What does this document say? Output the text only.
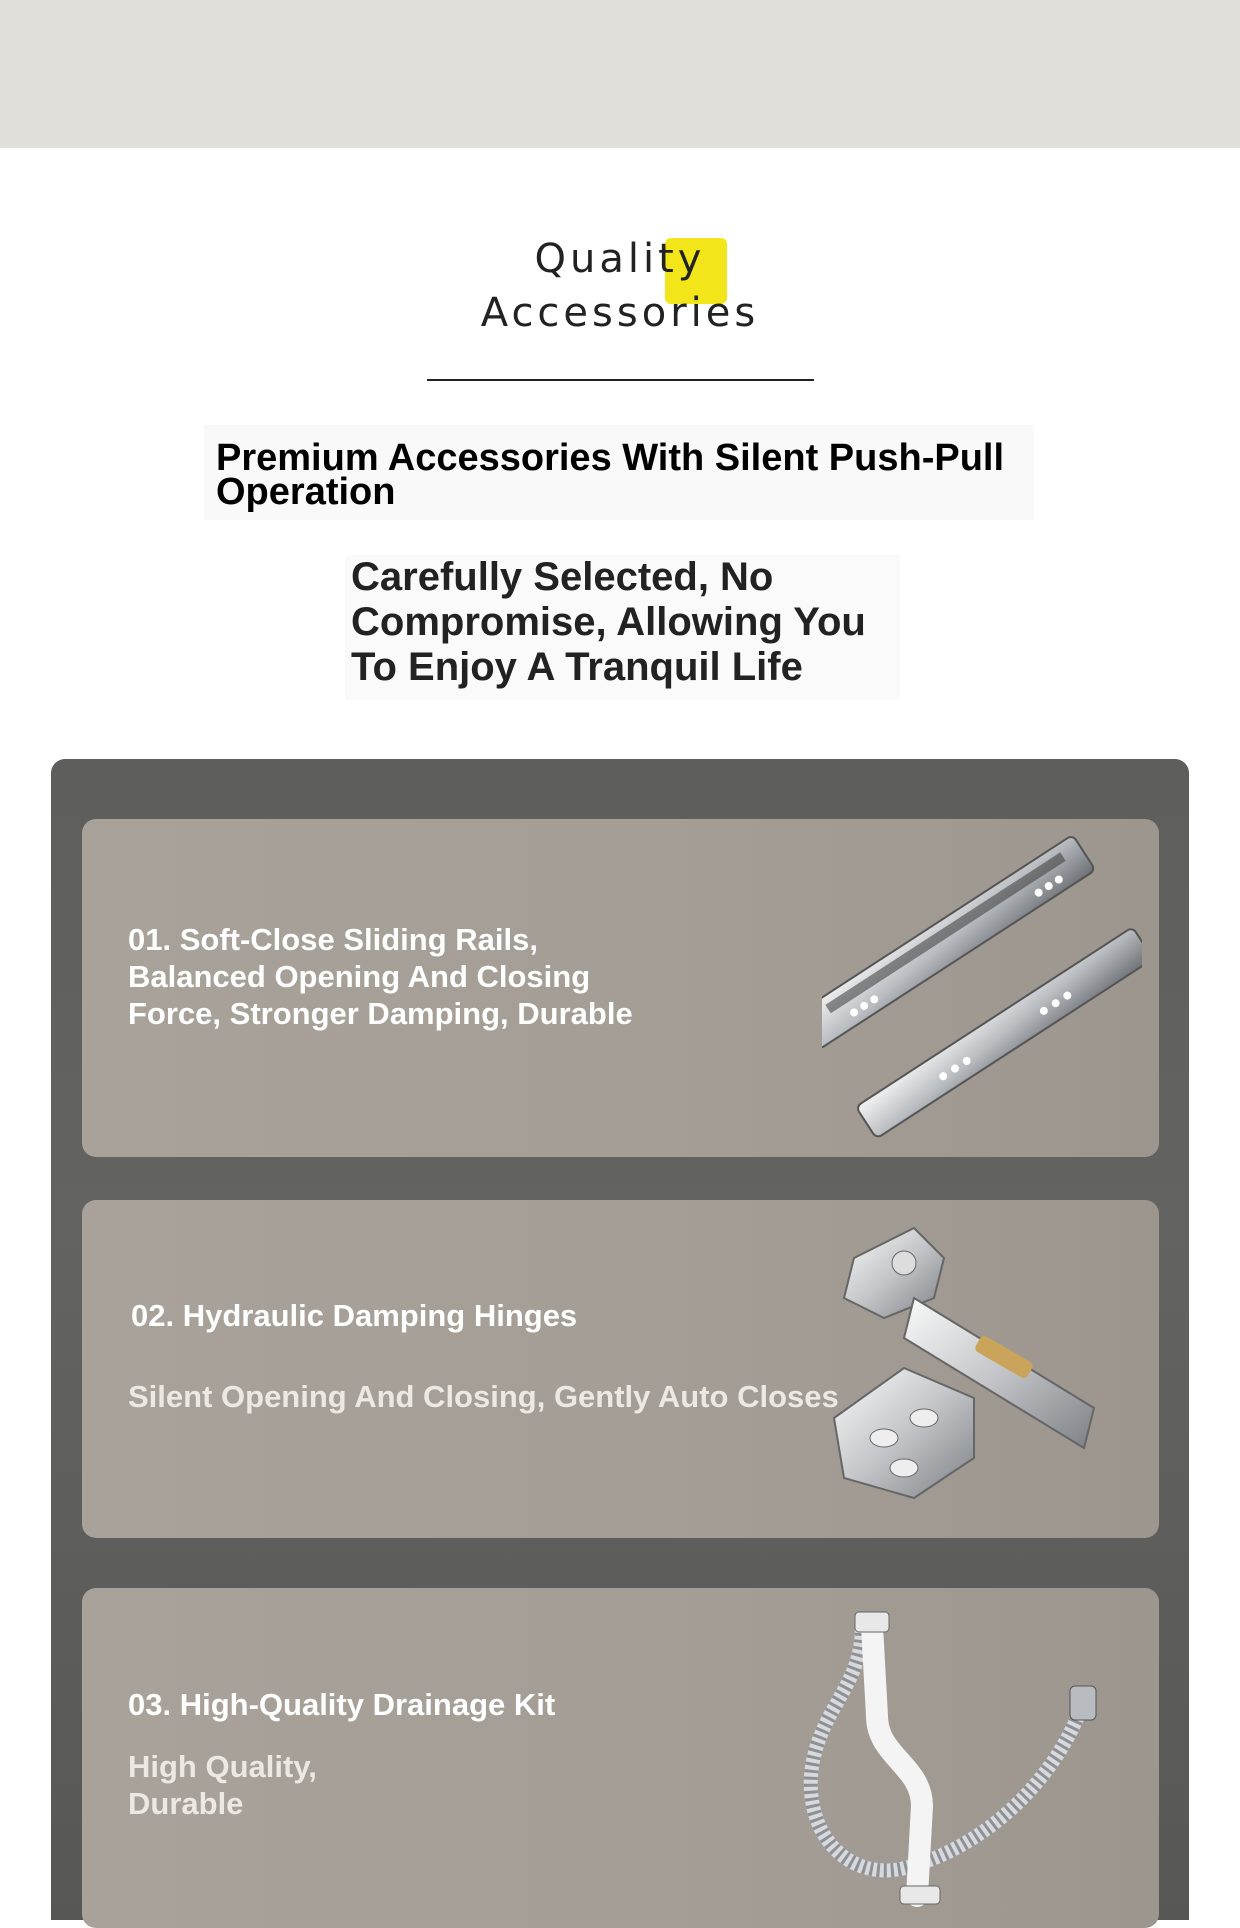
Quality
Accessories
Premium Accessories With Silent Push-Pull Operation
Carefully Selected, No Compromise, Allowing You To Enjoy A Tranquil Life
01. Soft-Close Sliding Rails, Balanced Opening And Closing Force, Stronger Damping, Durable
02. Hydraulic Damping Hinges
Silent Opening And Closing, Gently Auto Closes
03. High-Quality Drainage Kit
High Quality, Durable
